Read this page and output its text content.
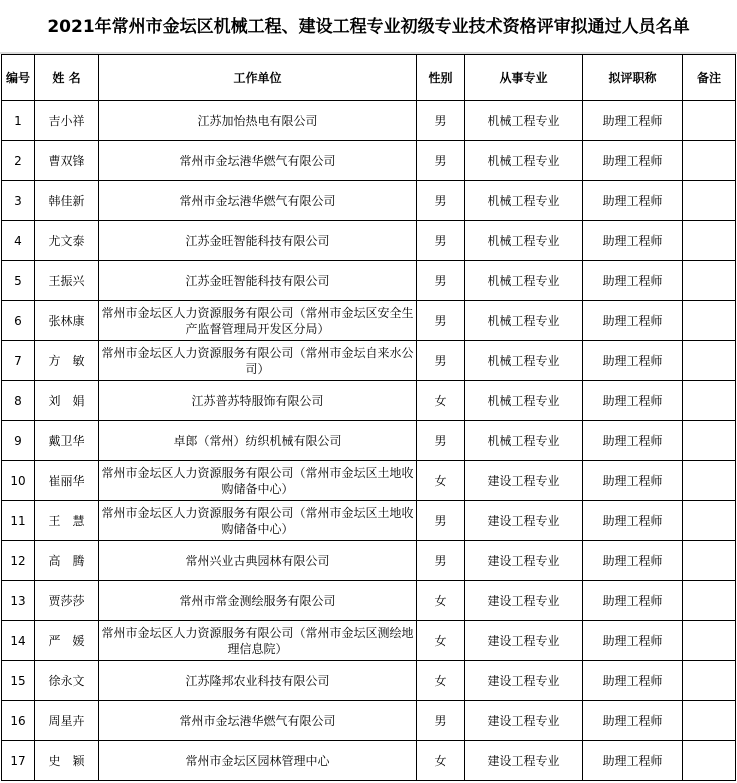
2021年常州市金坛区机械工程、建设工程专业初级专业技术资格评审拟通过人员名单
编号	姓 名	工作单位	性别	从事专业	拟评职称	备注
1	吉小祥	江苏加怡热电有限公司	男	机械工程专业	助理工程师	
2	曹双锋	常州市金坛港华燃气有限公司	男	机械工程专业	助理工程师	
3	韩佳新	常州市金坛港华燃气有限公司	男	机械工程专业	助理工程师	
4	尤文泰	江苏金旺智能科技有限公司	男	机械工程专业	助理工程师	
5	王振兴	江苏金旺智能科技有限公司	男	机械工程专业	助理工程师	
6	张林康	常州市金坛区人力资源服务有限公司（常州市金坛区安全生产监督管理局开发区分局）	男	机械工程专业	助理工程师	
7	方　敏	常州市金坛区人力资源服务有限公司（常州市金坛自来水公司）	男	机械工程专业	助理工程师	
8	刘　娟	江苏普苏特服饰有限公司	女	机械工程专业	助理工程师	
9	戴卫华	卓郎（常州）纺织机械有限公司	男	机械工程专业	助理工程师	
10	崔丽华	常州市金坛区人力资源服务有限公司（常州市金坛区土地收购储备中心）	女	建设工程专业	助理工程师	
11	王　慧	常州市金坛区人力资源服务有限公司（常州市金坛区土地收购储备中心）	男	建设工程专业	助理工程师	
12	高　腾	常州兴业古典园林有限公司	男	建设工程专业	助理工程师	
13	贾莎莎	常州市常金测绘服务有限公司	女	建设工程专业	助理工程师	
14	严　媛	常州市金坛区人力资源服务有限公司（常州市金坛区测绘地理信息院）	女	建设工程专业	助理工程师	
15	徐永文	江苏隆邦农业科技有限公司	女	建设工程专业	助理工程师	
16	周星卉	常州市金坛港华燃气有限公司	男	建设工程专业	助理工程师	
17	史　颖	常州市金坛区园林管理中心	女	建设工程专业	助理工程师	
